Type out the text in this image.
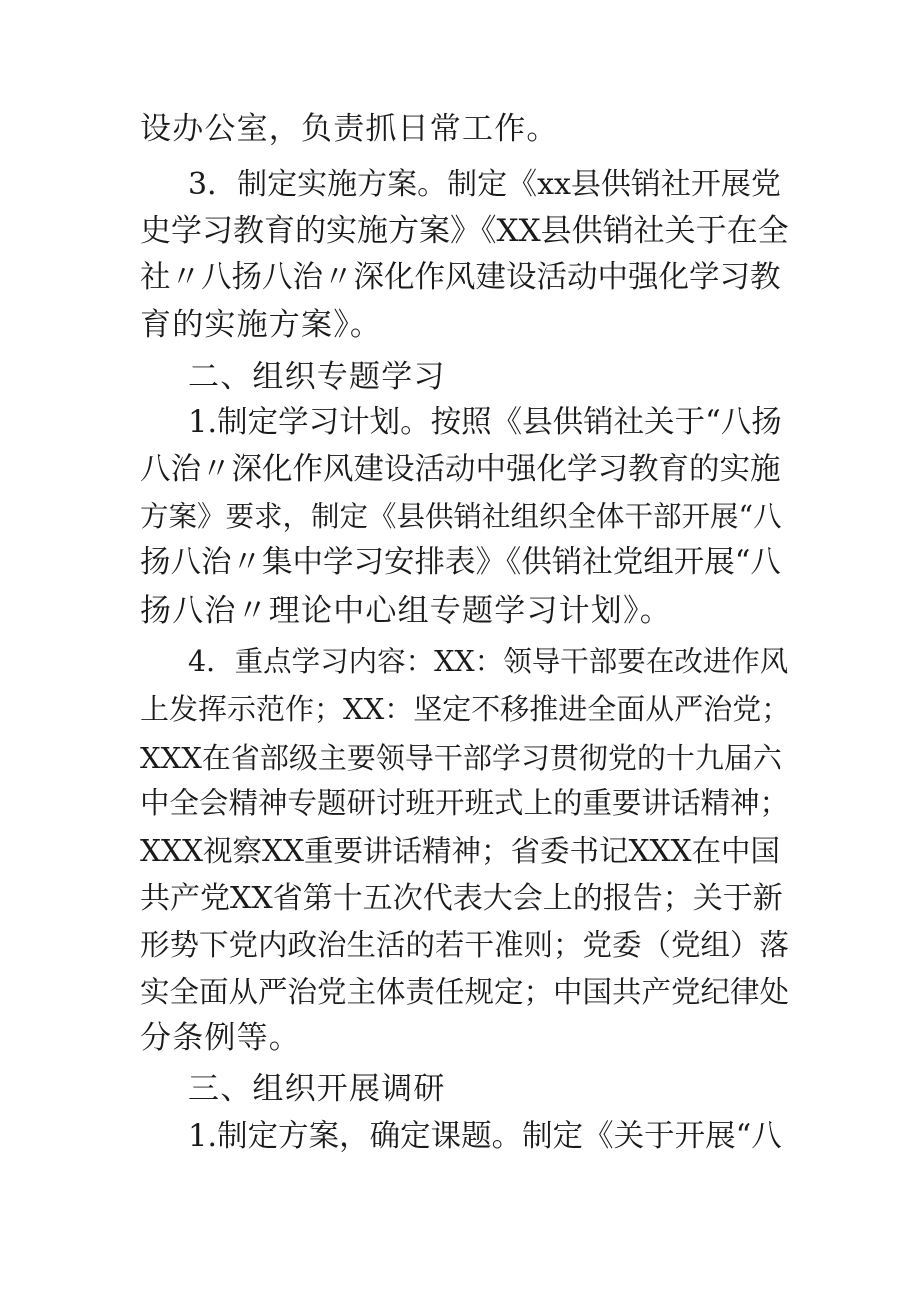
设办公室，负责抓日常工作。
3．制定实施方案。制定《xx县供销社开展党
史学习教育的实施方案》《XX县供销社关于在全
社〃八扬八治〃深化作风建设活动中强化学习教
育的实施方案》。
二、组织专题学习
1.制定学习计划。按照《县供销社关于“八扬
八治〃深化作风建设活动中强化学习教育的实施
方案》要求，制定《县供销社组织全体干部开展“八
扬八治〃集中学习安排表》《供销社党组开展“八
扬八治〃理论中心组专题学习计划》。
4．重点学习内容：XX：领导干部要在改进作风
上发挥示范作；XX：坚定不移推进全面从严治党；
XXX在省部级主要领导干部学习贯彻党的十九届六
中全会精神专题研讨班开班式上的重要讲话精神；
XXX视察XX重要讲话精神；省委书记XXX在中国
共产党XX省第十五次代表大会上的报告；关于新
形势下党内政治生活的若干准则；党委（党组）落
实全面从严治党主体责任规定；中国共产党纪律处
分条例等。
三、组织开展调研
1.制定方案，确定课题。制定《关于开展“八
